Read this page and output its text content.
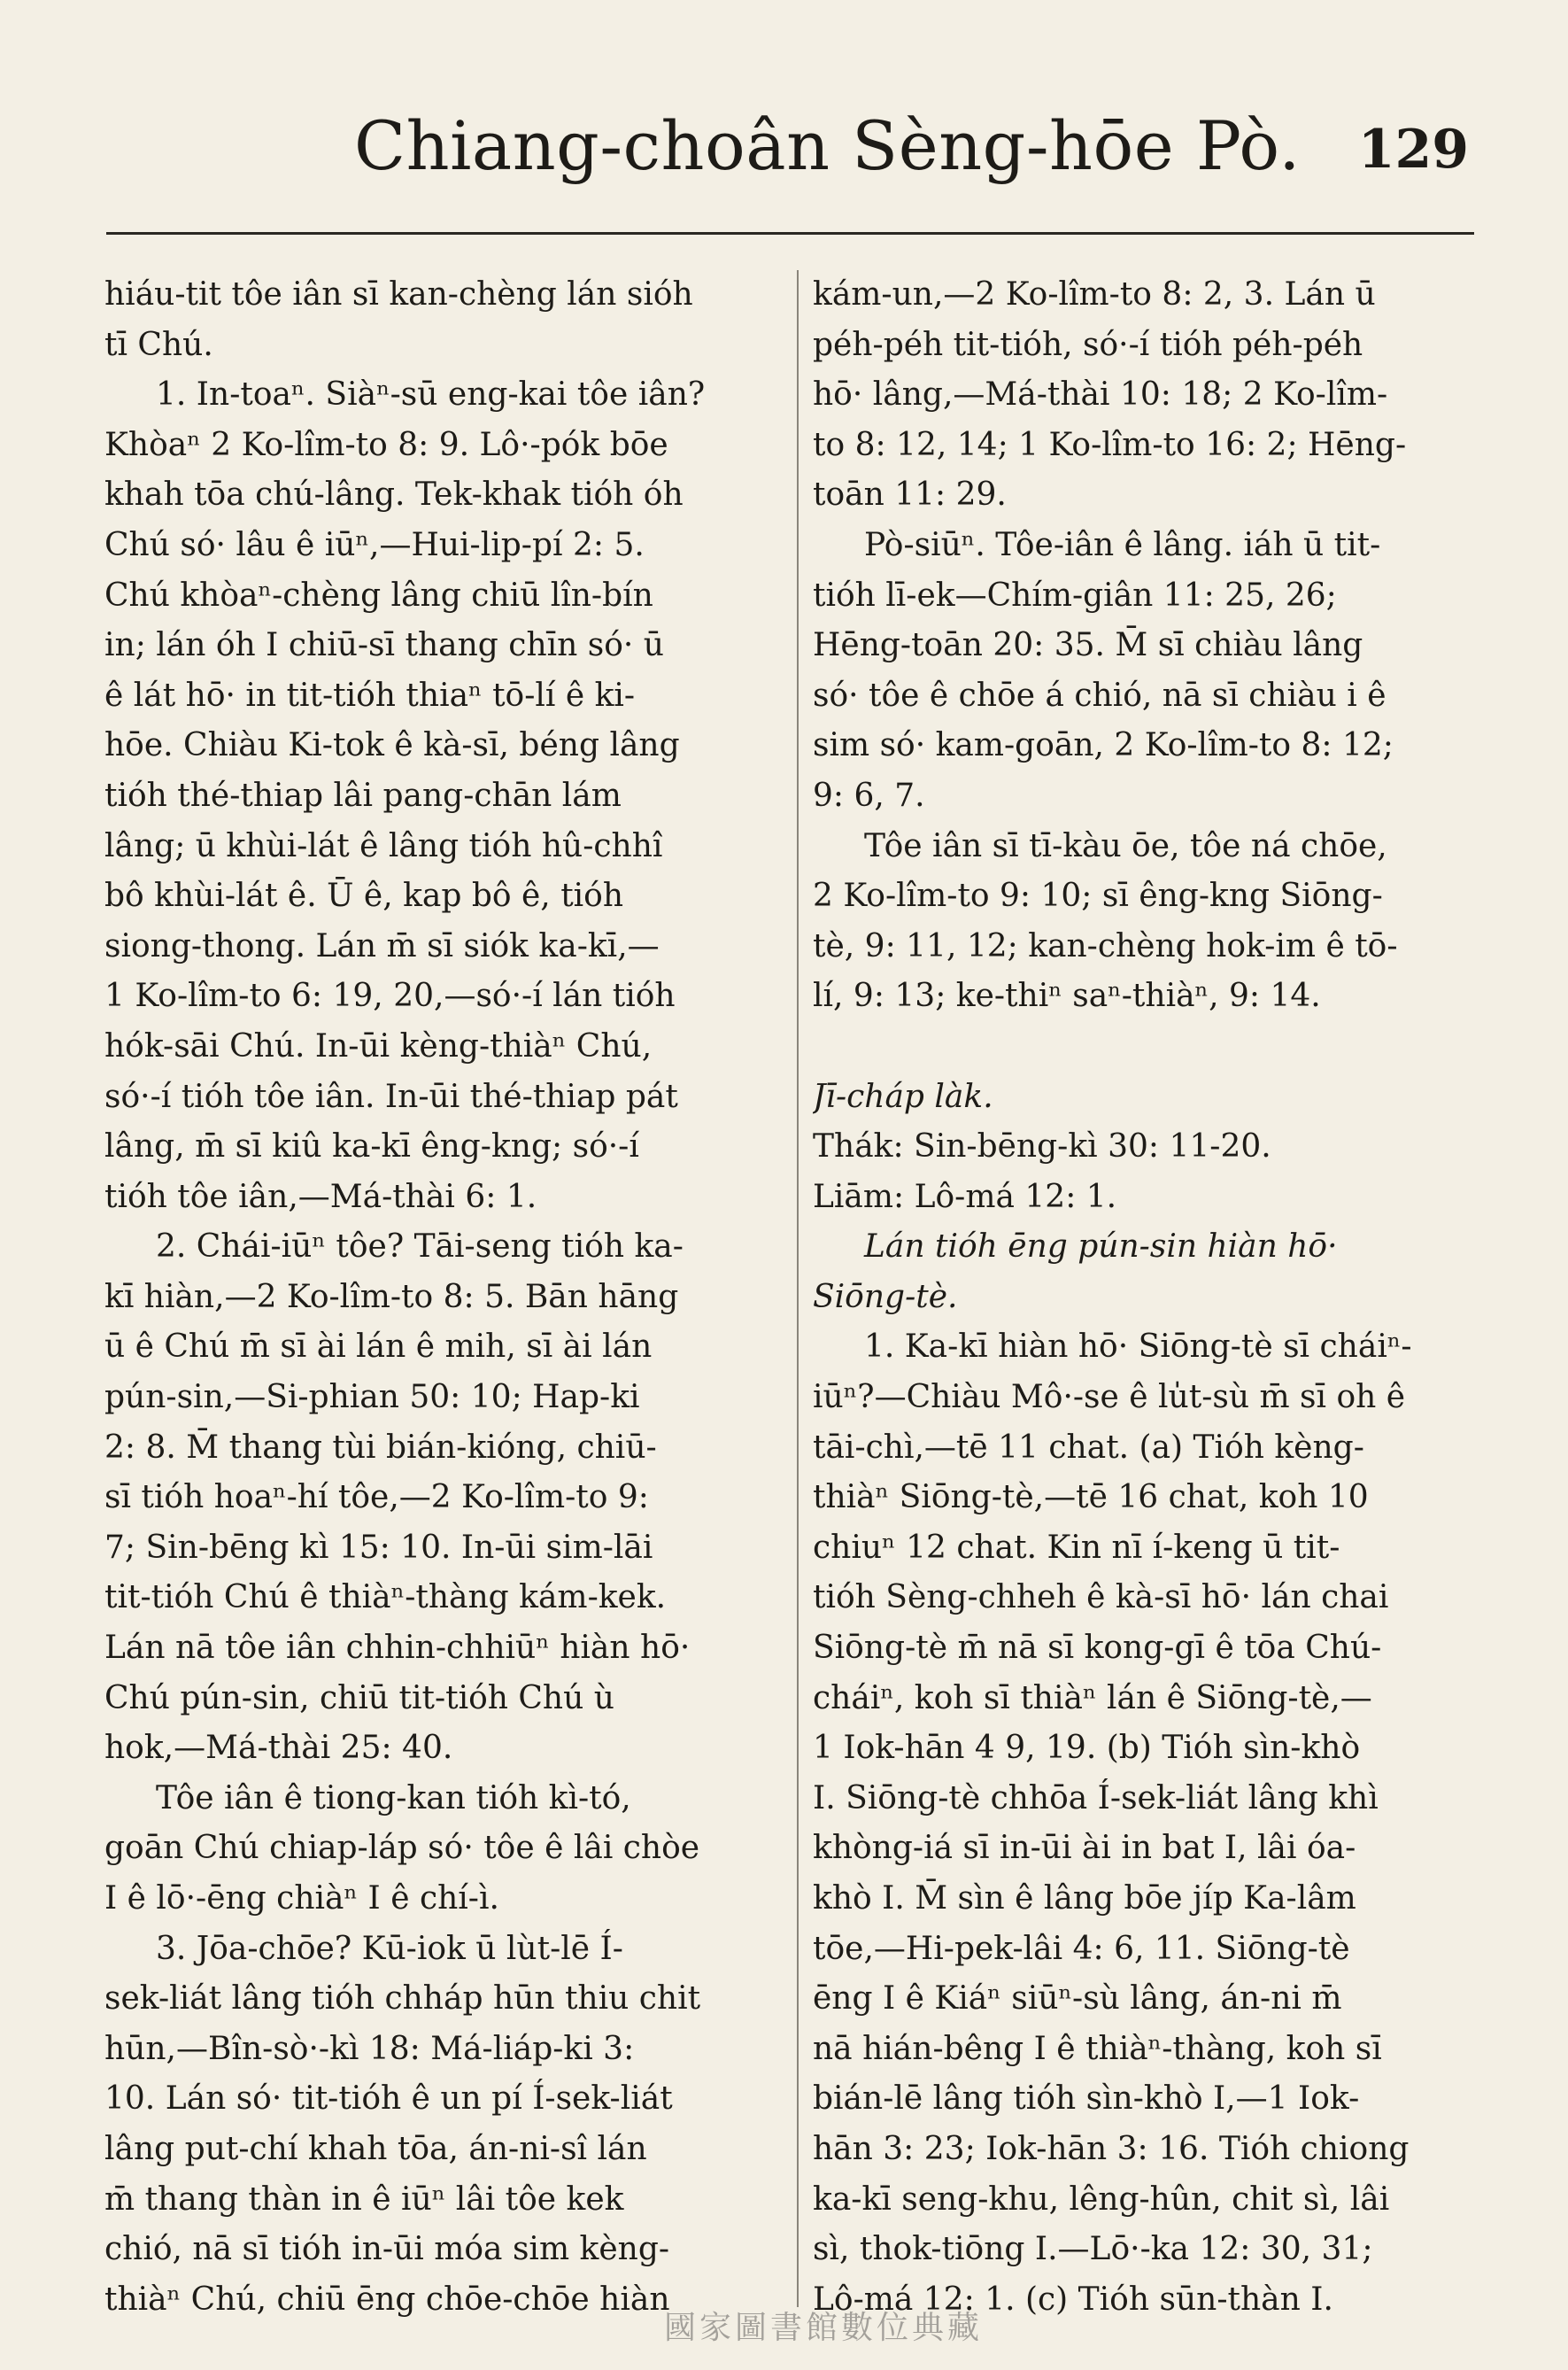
Chiang-choân Sèng-hōe Pò. 129
hiáu-tit tôe iân sī kan-chèng lán sióh
tī Chú.
1. In-toaⁿ. Siàⁿ-sū eng-kai tôe iân?
Khòaⁿ 2 Ko-lîm-to 8: 9. Lô·-pók bōe
khah tōa chú-lâng. Tek-khak tióh óh
Chú só· lâu ê iūⁿ,—Hui-lip-pí 2: 5.
Chú khòaⁿ-chèng lâng chiū lîn-bín
in; lán óh I chiū-sī thang chīn só· ū
ê lát hō· in tit-tióh thiaⁿ tō-lí ê ki-
hōe. Chiàu Ki-tok ê kà-sī, béng lâng
tióh thé-thiap lâi pang-chān lám
lâng; ū khùi-lát ê lâng tióh hû-chhî
bô khùi-lát ê. Ū ê, kap bô ê, tióh
siong-thong. Lán m̄ sī siók ka-kī,—
1 Ko-lîm-to 6: 19, 20,—só·-í lán tióh
hók-sāi Chú. In-ūi kèng-thiàⁿ Chú,
só·-í tióh tôe iân. In-ūi thé-thiap pát
lâng, m̄ sī kiû ka-kī êng-kng; só·-í
tióh tôe iân,—Má-thài 6: 1.
2. Chái-iūⁿ tôe? Tāi-seng tióh ka-
kī hiàn,—2 Ko-lîm-to 8: 5. Bān hāng
ū ê Chú m̄ sī ài lán ê mih, sī ài lán
pún-sin,—Si-phian 50: 10; Hap-ki
2: 8. M̄ thang tùi bián-kióng, chiū-
sī tióh hoaⁿ-hí tôe,—2 Ko-lîm-to 9:
7; Sin-bēng kì 15: 10. In-ūi sim-lāi
tit-tióh Chú ê thiàⁿ-thàng kám-kek.
Lán nā tôe iân chhin-chhiūⁿ hiàn hō·
Chú pún-sin, chiū tit-tióh Chú ù
hok,—Má-thài 25: 40.
Tôe iân ê tiong-kan tióh kì-tó,
goān Chú chiap-láp só· tôe ê lâi chòe
I ê lō·-ēng chiàⁿ I ê chí-ì.
3. Jōa-chōe? Kū-iok ū lùt-lē Í-
sek-liát lâng tióh chháp hūn thiu chit
hūn,—Bîn-sò·-kì 18: Má-liáp-ki 3:
10. Lán só· tit-tióh ê un pí Í-sek-liát
lâng put-chí khah tōa, án-ni-sî lán
m̄ thang thàn in ê iūⁿ lâi tôe kek
chió, nā sī tióh in-ūi móa sim kèng-
thiàⁿ Chú, chiū ēng chōe-chōe hiàn
kám-un,—2 Ko-lîm-to 8: 2, 3. Lán ū
péh-péh tit-tióh, só·-í tióh péh-péh
hō· lâng,—Má-thài 10: 18; 2 Ko-lîm-
to 8: 12, 14; 1 Ko-lîm-to 16: 2; Hēng-
toān 11: 29.
Pò-siūⁿ. Tôe-iân ê lâng. iáh ū tit-
tióh lī-ek—Chím-giân 11: 25, 26;
Hēng-toān 20: 35. M̄ sī chiàu lâng
só· tôe ê chōe á chió, nā sī chiàu i ê
sim só· kam-goān, 2 Ko-lîm-to 8: 12;
9: 6, 7.
Tôe iân sī tī-kàu ōe, tôe ná chōe,
2 Ko-lîm-to 9: 10; sī êng-kng Siōng-
tè, 9: 11, 12; kan-chèng hok-im ê tō-
lí, 9: 13; ke-thiⁿ saⁿ-thiàⁿ, 9: 14.
Jī-cháp làk.
Thák: Sin-bēng-kì 30: 11-20.
Liām: Lô-má 12: 1.
Lán tióh ēng pún-sin hiàn hō·
Siōng-tè.
1. Ka-kī hiàn hō· Siōng-tè sī cháiⁿ-
iūⁿ?—Chiàu Mô·-se ê lu̍t-sù m̄ sī oh ê
tāi-chì,—tē 11 chat. (a) Tióh kèng-
thiàⁿ Siōng-tè,—tē 16 chat, koh 10
chiuⁿ 12 chat. Kin nī í-keng ū tit-
tióh Sèng-chheh ê kà-sī hō· lán chai
Siōng-tè m̄ nā sī kong-gī ê tōa Chú-
cháiⁿ, koh sī thiàⁿ lán ê Siōng-tè,—
1 Iok-hān 4 9, 19. (b) Tióh sìn-khò
I. Siōng-tè chhōa Í-sek-liát lâng khì
khòng-iá sī in-ūi ài in bat I, lâi óa-
khò I. M̄ sìn ê lâng bōe jíp Ka-lâm
tōe,—Hi-pek-lâi 4: 6, 11. Siōng-tè
ēng I ê Kiáⁿ siūⁿ-sù lâng, án-ni m̄
nā hián-bêng I ê thiàⁿ-thàng, koh sī
bián-lē lâng tióh sìn-khò I,—1 Iok-
hān 3: 23; Iok-hān 3: 16. Tióh chiong
ka-kī seng-khu, lêng-hûn, chit sì, lâi
sì, thok-tiōng I.—Lō·-ka 12: 30, 31;
Lô-má 12: 1. (c) Tióh sūn-thàn I.
國家圖書館數位典藏
